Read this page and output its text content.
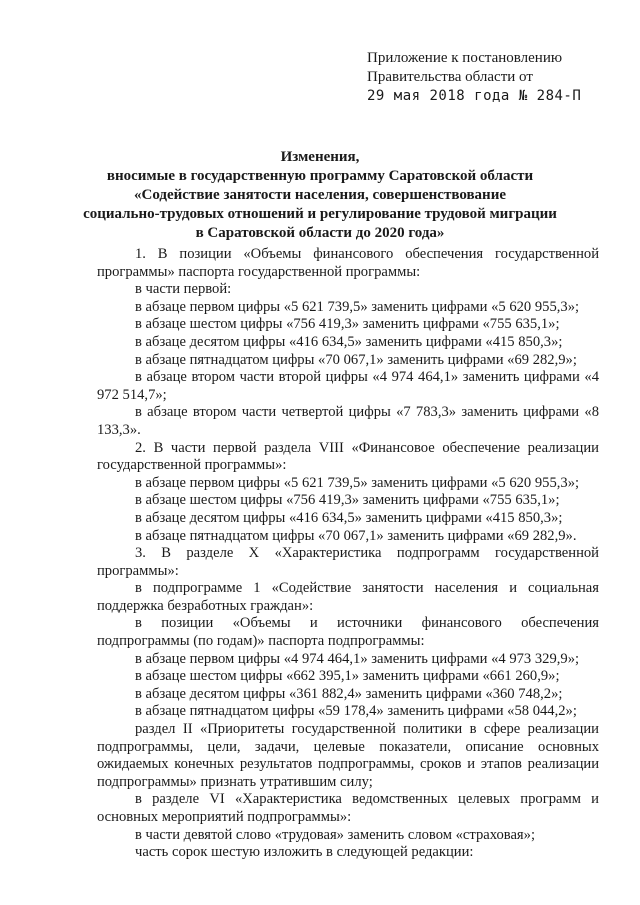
Приложение к постановлению
Правительства области от
29 мая 2018 года № 284-П
Изменения,
вносимые в государственную программу Саратовской области
«Содействие занятости населения, совершенствование
социально-трудовых отношений и регулирование трудовой миграции
в Саратовской области до 2020 года»

1. В позиции «Объемы финансового обеспечения государственной программы» паспорта государственной программы:

в части первой:

в абзаце первом цифры «5 621 739,5» заменить цифрами «5 620 955,3»;

в абзаце шестом цифры «756 419,3» заменить цифрами «755 635,1»;

в абзаце десятом цифры «416 634,5» заменить цифрами «415 850,3»;

в абзаце пятнадцатом цифры «70 067,1» заменить цифрами «69 282,9»;

в абзаце втором части второй цифры «4 974 464,1» заменить цифрами «4 972 514,7»;

в абзаце втором части четвертой цифры «7 783,3» заменить цифрами «8 133,3».

2. В части первой раздела VIII «Финансовое обеспечение реализации государственной программы»:

в абзаце первом цифры «5 621 739,5» заменить цифрами «5 620 955,3»;

в абзаце шестом цифры «756 419,3» заменить цифрами «755 635,1»;

в абзаце десятом цифры «416 634,5» заменить цифрами «415 850,3»;

в абзаце пятнадцатом цифры «70 067,1» заменить цифрами «69 282,9».

3. В разделе X «Характеристика подпрограмм государственной программы»:

в подпрограмме 1 «Содействие занятости населения и социальная поддержка безработных граждан»:

в позиции «Объемы и источники финансового обеспечения подпрограммы (по годам)» паспорта подпрограммы:

в абзаце первом цифры «4 974 464,1» заменить цифрами «4 973 329,9»;

в абзаце шестом цифры «662 395,1» заменить цифрами «661 260,9»;

в абзаце десятом цифры «361 882,4» заменить цифрами «360 748,2»;

в абзаце пятнадцатом цифры «59 178,4» заменить цифрами «58 044,2»;

раздел II «Приоритеты государственной политики в сфере реализации подпрограммы, цели, задачи, целевые показатели, описание основных ожидаемых конечных результатов подпрограммы, сроков и этапов реализации подпрограммы» признать утратившим силу;

в разделе VI «Характеристика ведомственных целевых программ и основных мероприятий подпрограммы»:

в части девятой слово «трудовая» заменить словом «страховая»;

часть сорок шестую изложить в следующей редакции:
